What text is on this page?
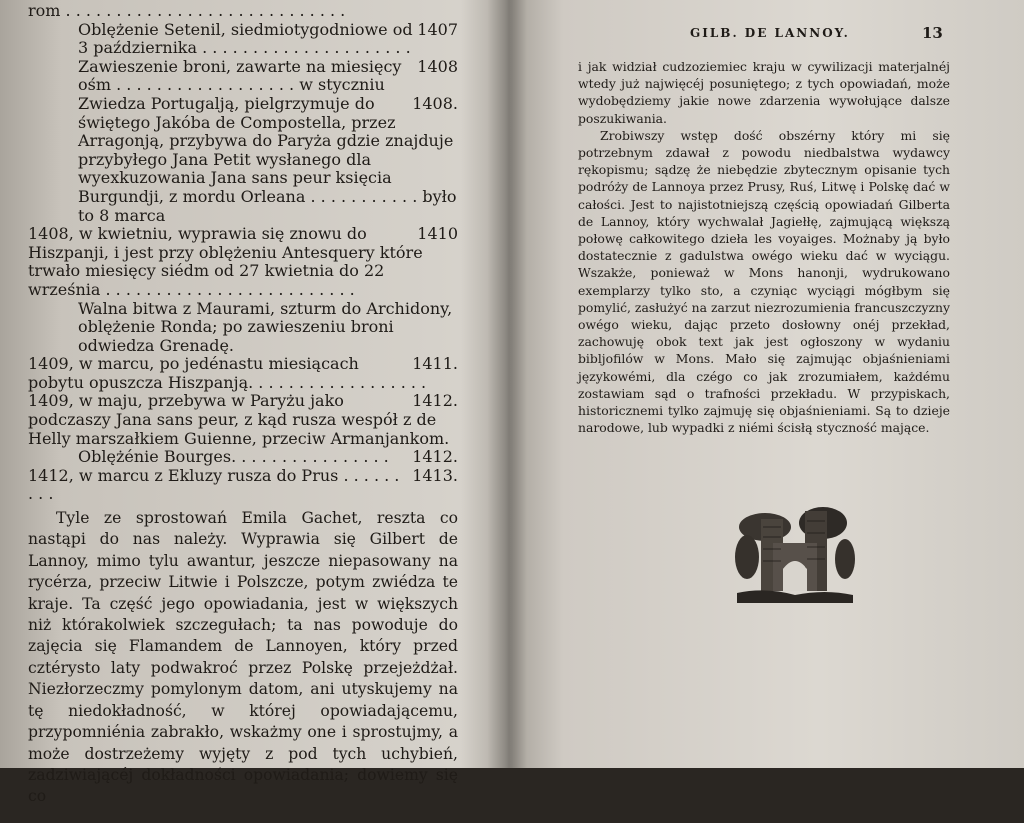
rom . . . . . . . . . . . . . . . . . . . . . . . . . . . .
1407
Oblężenie Setenil, siedmiotygodniowe od 3 października . . . . . . . . . . . . . . . . . . . . .
1408
Zawieszenie broni, zawarte na miesięcy ośm . . . . . . . . . . . . . . . . . . w styczniu
1408.
Zwiedza Portugalją, pielgrzymuje do świętego Jakóba de Compostella, przez Arragonją, przybywa do Paryża gdzie znajduje przybyłego Jana Petit wysłanego dla wyexkuzowania Jana sans peur księcia Burgundji, z mordu Orleana . . . . . . . . . . . było to 8 marca
1410
1408, w kwietniu, wyprawia się znowu do Hiszpanji, i jest przy oblężeniu Antesquery które trwało miesięcy siédm od 27 kwietnia do 22 września . . . . . . . . . . . . . . . . . . . . . . . . .
Walna bitwa z Maurami, szturm do Archidony, oblężenie Ronda; po zawieszeniu broni odwiedza Grenadę.
1411.
1409, w marcu, po jedénastu miesiącach pobytu opuszcza Hiszpanją. . . . . . . . . . . . . . . . . .
1412.
1409, w maju, przebywa w Paryżu jako podczaszy Jana sans peur, z kąd rusza wespół z de Helly marszałkiem Guienne, przeciw Armanjankom.
1412.
Oblężénie Bourges. . . . . . . . . . . . . . . .
1413.
1412, w marcu z Ekluzy rusza do Prus . . . . . . . . .

Tyle ze sprostowań Emila Gachet, reszta co nastąpi do nas należy. Wyprawia się Gilbert de Lannoy, mimo tylu awantur, jeszcze niepasowany na rycérza, przeciw Litwie i Polszcze, potym zwiédza te kraje. Ta część jego opowiadania, jest w większych niż którakolwiek szczegułach; ta nas powoduje do zajęcia się Flamandem de Lannoyen, który przed cztérysto laty podwakroć przez Polskę przejeżdżał. Niezłorzeczmy pomylonym datom, ani utyskujemy na tę niedokładność, w której opowiadającemu, przypomniénia zabrakło, wskażmy one i sprostujmy, a może dostrzeżemy wyjęty z pod tych uchybień, zadziwiającéj dokładności opowiadania; dowiemy się co

GILB. DE LANNOY.	13

i jak widział cudzoziemiec kraju w cywilizacji materjalnéj wtedy już najwięcéj posuniętego; z tych opowiadań, może wydobędziemy jakie nowe zdarzenia wywołujące dalsze poszukiwania.

Zrobiwszy wstęp dość obszérny który mi się potrzebnym zdawał z powodu niedbalstwa wydawcy rękopismu; sądzę że niebędzie zbytecznym opisanie tych podróży de Lannoya przez Prusy, Ruś, Litwę i Polskę dać w całości. Jest to najistotniejszą częścią opowiadań Gilberta de Lannoy, który wychwalał Jagiełłę, zajmującą większą połowę całkowitego dzieła les voyaiges. Możnaby ją było dostatecznie z gadulstwa owégo wieku dać w wyciągu. Wszakże, ponieważ w Mons hanonji, wydrukowano exemplarzy tylko sto, a czyniąc wyciągi mógłbym się pomylić, zasłużyć na zarzut niezrozumienia francuszczyzny owégo wieku, dając przeto dosłowny onéj przekład, zachowuję obok text jak jest ogłoszony w wydaniu bibljofilów w Mons. Mało się zajmując objaśnieniami językowémi, dla czégo co jak zrozumiałem, każdému zostawiam sąd o trafności przekładu. W przypiskach, historicznemi tylko zajmuję się objaśnieniami. Są to dzieje narodowe, lub wypadki z niémi ścisłą styczność mające.
